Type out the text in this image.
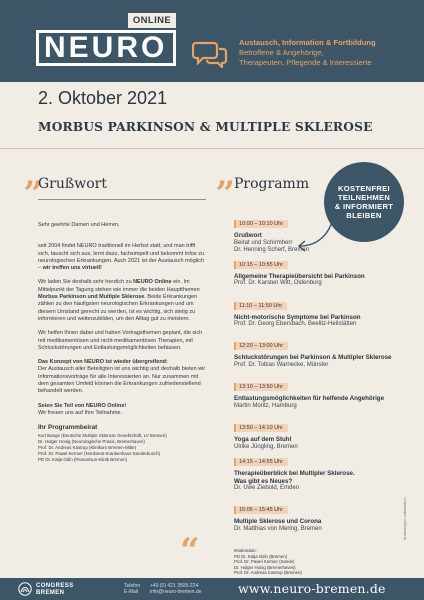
ONLINE
NEURO	Austausch, Information & Fortbildung
Betroffene & Angehörige,
Therapeuten, Pflegende & Interessierte
2. Oktober 2021
MORBUS PARKINSON & MULTIPLE SKLEROSE
„
“
„
Grußwort

Sehr geehrte Damen und Herren,

seit 2004 findet NEURO traditionell im Herbst statt, und man trifft sich, tauscht sich aus, lernt dazu, fachsimpelt und bekommt Infos zu neurologischen Erkrankungen. Auch 2021 ist der Austausch möglich – wir treffen uns virtuell!

Wir laden Sie deshalb sehr herzlich zu NEURO Online ein. Im Mittelpunkt der Tagung stehen wie immer die beiden Hauptthemen Morbus Parkinson und Multiple Sklerose. Beide Erkrankungen zählen zu den häufigsten neurologischen Erkrankungen und um diesem Umstand gerecht zu werden, ist es wichtig, sich stetig zu informieren und weiterzubilden, um den Alltag gut zu meistern.

Wir helfen Ihnen dabei und haben Vortragsthemen geplant, die sich mit medikamentösen und nicht-medikamentösen Therapien, mit Schluckstörungen und Entlastungsmöglichkeiten befassen.

Das Konzept von NEURO ist wieder übergreifend:
Der Austausch aller Beteiligten ist uns wichtig und deshalb bieten wir Informationsvorträge für alle Interessierten an. Nur zusammen mit dem gesamten Umfeld können die Erkrankungen zufriedenstellend behandelt werden.

Seien Sie Teil von NEURO Online!
Wir freuen uns auf Ihre Teilnahme.

Ihr Programmbeirat
Kurt Bange (Deutsche Multiple Sklerose Gesellschaft, LV Bremen)
Dr. Holger Honig (Neurologische Praxis, Bremerhaven)
Prof. Dr. Andreas Kastrup (Klinikum Bremen-Mitte)
Prof. Dr. Pawel Kermer (Nordwest-Krankenhaus Sanderbusch)
PD Dr. Katja Odin (Paracelsus-Klinik Bremen)
Programm	KOSTENFREI
TEILNEHMEN
& INFORMIERT
BLEIBEN
10:00 – 10:10 Uhr
Grußwort
Beirat und Schirmherr
Dr. Henning Scherf, Bremen
10:15 – 10:55 Uhr
Allgemeine Therapieübersicht bei Parkinson
Prof. Dr. Karsten Witt, Oldenburg
11:10 – 11:50 Uhr
Nicht-motorische Symptome bei Parkinson
Prof. Dr. Georg Ebersbach, Beelitz-Heilstätten
12:20 – 13:00 Uhr
Schluckstörungen bei Parkinson & Multipler Sklerose
Prof. Dr. Tobias Warnecke, Münster
13:10 – 13:50 Uhr
Entlastungsmöglichkeiten für helfende Angehörige
Martin Moritz, Hamburg
13:50 – 14:10 Uhr
Yoga auf dem Stuhl
Ulrike Jüngling, Bremen
14:15 – 14:55 Uhr
Therapieüberblick bei Multipler Sklerose.
Was gibt es Neues?
Dr. Uwe Ziebold, Emden
15:05 – 15:45 Uhr
Multiple Sklerose und Corona
Dr. Matthias von Mering, Bremen
Moderation:
PD Dr. Katja Odin (Bremen)
Prof. Dr. Pawel Kermer (Sande)
Dr. Holger Honig (Bremerhaven)
Prof. Dr. Andreas Kastrup (Bremen)
Änderungen vorbehalten.
CONGRESS
BREMEN
Telefon +49 (0) 421 3505-224
E-Mail info@neuro-bremen.de	www.neuro-bremen.de
